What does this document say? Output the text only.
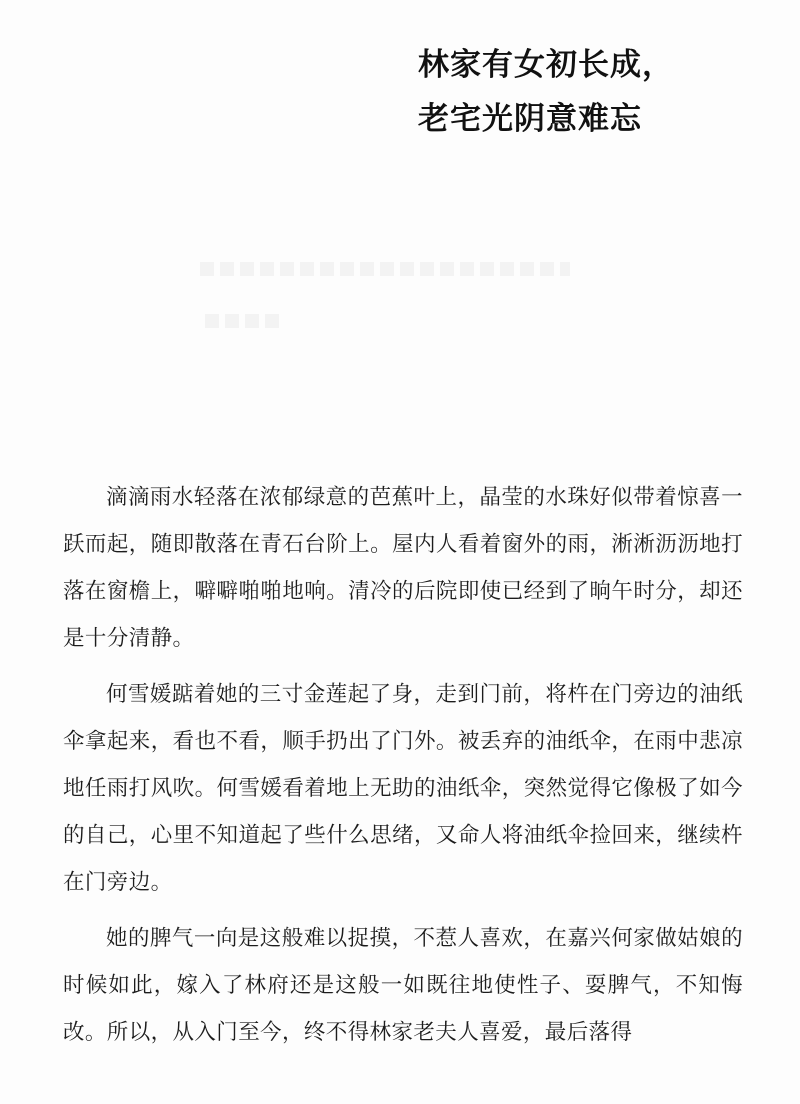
林家有女初长成，
老宅光阴意难忘

滴滴雨水轻落在浓郁绿意的芭蕉叶上，晶莹的水珠好似带着惊喜一跃而起，随即散落在青石台阶上。屋内人看着窗外的雨，淅淅沥沥地打落在窗檐上，噼噼啪啪地响。清冷的后院即使已经到了晌午时分，却还是十分清静。

何雪媛踮着她的三寸金莲起了身，走到门前，将杵在门旁边的油纸伞拿起来，看也不看，顺手扔出了门外。被丢弃的油纸伞，在雨中悲凉地任雨打风吹。何雪媛看着地上无助的油纸伞，突然觉得它像极了如今的自己，心里不知道起了些什么思绪，又命人将油纸伞捡回来，继续杵在门旁边。

她的脾气一向是这般难以捉摸，不惹人喜欢，在嘉兴何家做姑娘的时候如此，嫁入了林府还是这般一如既往地使性子、耍脾气，不知悔改。所以，从入门至今，终不得林家老夫人喜爱，最后落得
